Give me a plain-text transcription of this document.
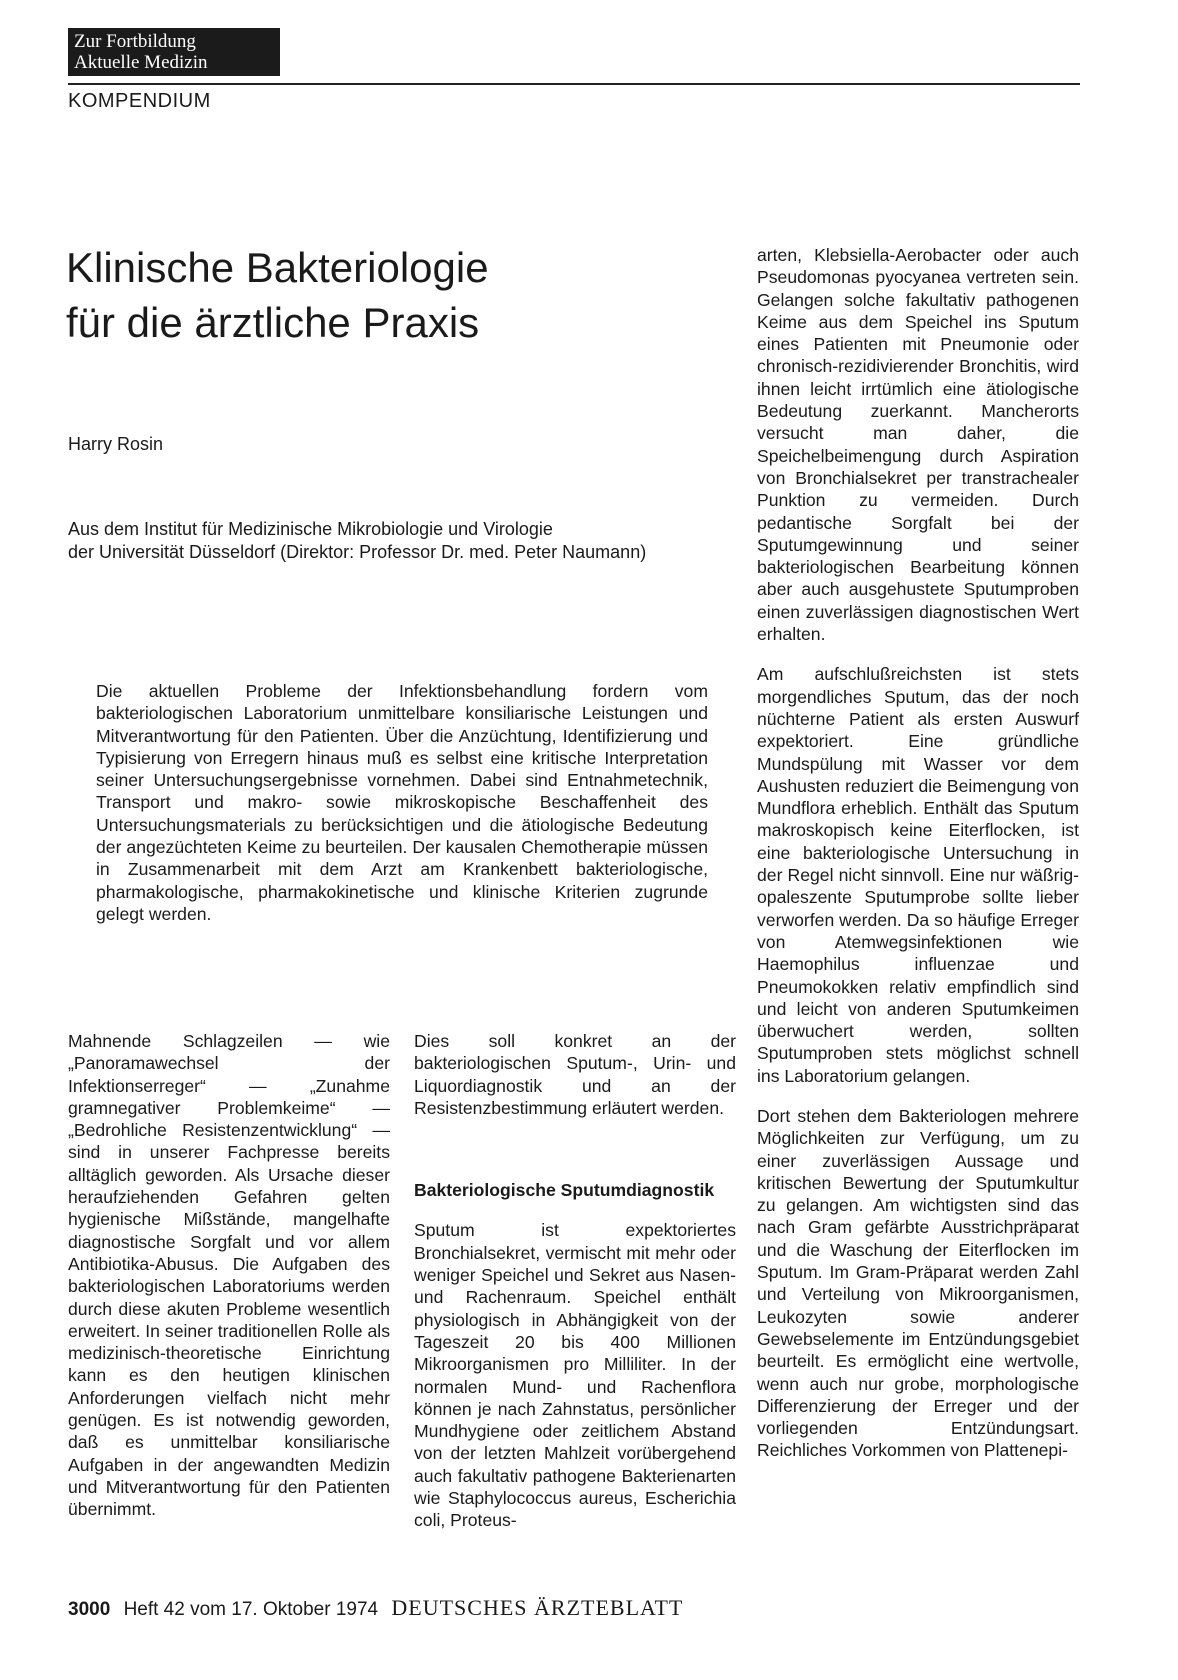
Zur Fortbildung
Aktuelle Medizin
KOMPENDIUM
Klinische Bakteriologie
für die ärztliche Praxis
Harry Rosin
Aus dem Institut für Medizinische Mikrobiologie und Virologie
der Universität Düsseldorf (Direktor: Professor Dr. med. Peter Naumann)

Die aktuellen Probleme der Infektionsbehandlung fordern vom bakteriologischen Laboratorium unmittelbare konsiliarische Leistungen und Mitverantwortung für den Patienten. Über die Anzüchtung, Identifizierung und Typisierung von Erregern hinaus muß es selbst eine kritische Interpretation seiner Untersuchungsergebnisse vornehmen. Dabei sind Entnahmetechnik, Transport und makro- sowie mikroskopische Beschaffenheit des Untersuchungsmaterials zu berücksichtigen und die ätiologische Bedeutung der angezüchteten Keime zu beurteilen. Der kausalen Chemotherapie müssen in Zusammenarbeit mit dem Arzt am Krankenbett bakteriologische, pharmakologische, pharmakokinetische und klinische Kriterien zugrunde gelegt werden.

Mahnende Schlagzeilen — wie „Panoramawechsel der Infektionserreger“ — „Zunahme gramnegativer Problemkeime“ — „Bedrohliche Resistenzentwicklung“ — sind in unserer Fachpresse bereits alltäglich geworden. Als Ursache dieser heraufziehenden Gefahren gelten hygienische Mißstände, mangelhafte diagnostische Sorgfalt und vor allem Antibiotika-Abusus. Die Aufgaben des bakteriologischen Laboratoriums werden durch diese akuten Probleme wesentlich erweitert. In seiner traditionellen Rolle als medizinisch-theoretische Einrichtung kann es den heutigen klinischen Anforderungen vielfach nicht mehr genügen. Es ist notwendig geworden, daß es unmittelbar konsiliarische Aufgaben in der angewandten Medizin und Mitverantwortung für den Patienten übernimmt.

Dies soll konkret an der bakteriologischen Sputum-, Urin- und Liquordiagnostik und an der Resistenzbestimmung erläutert werden.

Bakteriologische Sputumdiagnostik

Sputum ist expektoriertes Bronchialsekret, vermischt mit mehr oder weniger Speichel und Sekret aus Nasen- und Rachenraum. Speichel enthält physiologisch in Abhängigkeit von der Tageszeit 20 bis 400 Millionen Mikroorganismen pro Milliliter. In der normalen Mund- und Rachenflora können je nach Zahnstatus, persönlicher Mundhygiene oder zeitlichem Abstand von der letzten Mahlzeit vorübergehend auch fakultativ pathogene Bakterienarten wie Staphylococcus aureus, Escherichia coli, Proteus-

arten, Klebsiella-Aerobacter oder auch Pseudomonas pyocyanea vertreten sein. Gelangen solche fakultativ pathogenen Keime aus dem Speichel ins Sputum eines Patienten mit Pneumonie oder chronisch-rezidivierender Bronchitis, wird ihnen leicht irrtümlich eine ätiologische Bedeutung zuerkannt. Mancherorts versucht man daher, die Speichelbeimengung durch Aspiration von Bronchialsekret per transtrachealer Punktion zu vermeiden. Durch pedantische Sorgfalt bei der Sputumgewinnung und seiner bakteriologischen Bearbeitung können aber auch ausgehustete Sputumproben einen zuverlässigen diagnostischen Wert erhalten.

Am aufschlußreichsten ist stets morgendliches Sputum, das der noch nüchterne Patient als ersten Auswurf expektoriert. Eine gründliche Mundspülung mit Wasser vor dem Aushusten reduziert die Beimengung von Mundflora erheblich. Enthält das Sputum makroskopisch keine Eiterflocken, ist eine bakteriologische Untersuchung in der Regel nicht sinnvoll. Eine nur wäßrig-opaleszente Sputumprobe sollte lieber verworfen werden. Da so häufige Erreger von Atemwegsinfektionen wie Haemophilus influenzae und Pneumokokken relativ empfindlich sind und leicht von anderen Sputumkeimen überwuchert werden, sollten Sputumproben stets möglichst schnell ins Laboratorium gelangen.

Dort stehen dem Bakteriologen mehrere Möglichkeiten zur Verfügung, um zu einer zuverlässigen Aussage und kritischen Bewertung der Sputumkultur zu gelangen. Am wichtigsten sind das nach Gram gefärbte Ausstrichpräparat und die Waschung der Eiterflocken im Sputum. Im Gram-Präparat werden Zahl und Verteilung von Mikroorganismen, Leukozyten sowie anderer Gewebselemente im Entzündungsgebiet beurteilt. Es ermöglicht eine wertvolle, wenn auch nur grobe, morphologische Differenzierung der Erreger und der vorliegenden Entzündungsart. Reichliches Vorkommen von Plattenepi-

3000 Heft 42 vom 17. Oktober 1974 DEUTSCHES ÄRZTEBLATT
